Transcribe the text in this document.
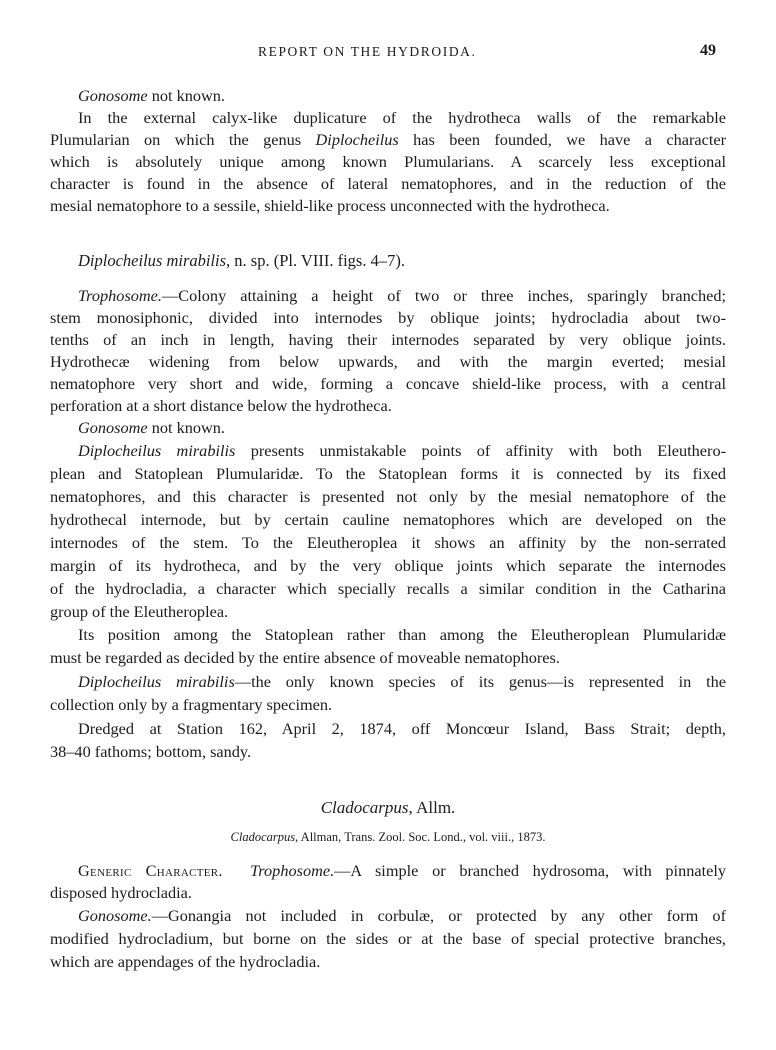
REPORT ON THE HYDROIDA.	49
Gonosome not known.
In the external calyx-like duplicature of the hydrotheca walls of the remarkable
Plumularian on which the genus Diplocheilus has been founded, we have a character
which is absolutely unique among known Plumularians. A scarcely less exceptional
character is found in the absence of lateral nematophores, and in the reduction of the
mesial nematophore to a sessile, shield-like process unconnected with the hydrotheca.
Diplocheilus mirabilis, n. sp. (Pl. VIII. figs. 4–7).
Trophosome.—Colony attaining a height of two or three inches, sparingly branched;
stem monosiphonic, divided into internodes by oblique joints; hydrocladia about two-
tenths of an inch in length, having their internodes separated by very oblique joints.
Hydrothecæ widening from below upwards, and with the margin everted; mesial
nematophore very short and wide, forming a concave shield-like process, with a central
perforation at a short distance below the hydrotheca.
Gonosome not known.
Diplocheilus mirabilis presents unmistakable points of affinity with both Eleuthero-
plean and Statoplean Plumularidæ. To the Statoplean forms it is connected by its fixed
nematophores, and this character is presented not only by the mesial nematophore of the
hydrothecal internode, but by certain cauline nematophores which are developed on the
internodes of the stem. To the Eleutheroplea it shows an affinity by the non-serrated
margin of its hydrotheca, and by the very oblique joints which separate the internodes
of the hydrocladia, a character which specially recalls a similar condition in the Catharina
group of the Eleutheroplea.
Its position among the Statoplean rather than among the Eleutheroplean Plumularidæ
must be regarded as decided by the entire absence of moveable nematophores.
Diplocheilus mirabilis—the only known species of its genus—is represented in the
collection only by a fragmentary specimen.
Dredged at Station 162, April 2, 1874, off Moncœur Island, Bass Strait; depth,
38–40 fathoms; bottom, sandy.
Cladocarpus, Allm.
Cladocarpus, Allman, Trans. Zool. Soc. Lond., vol. viii., 1873.
Generic Character. Trophosome.—A simple or branched hydrosoma, with pinnately
disposed hydrocladia.
Gonosome.—Gonangia not included in corbulæ, or protected by any other form of
modified hydrocladium, but borne on the sides or at the base of special protective branches,
which are appendages of the hydrocladia.
